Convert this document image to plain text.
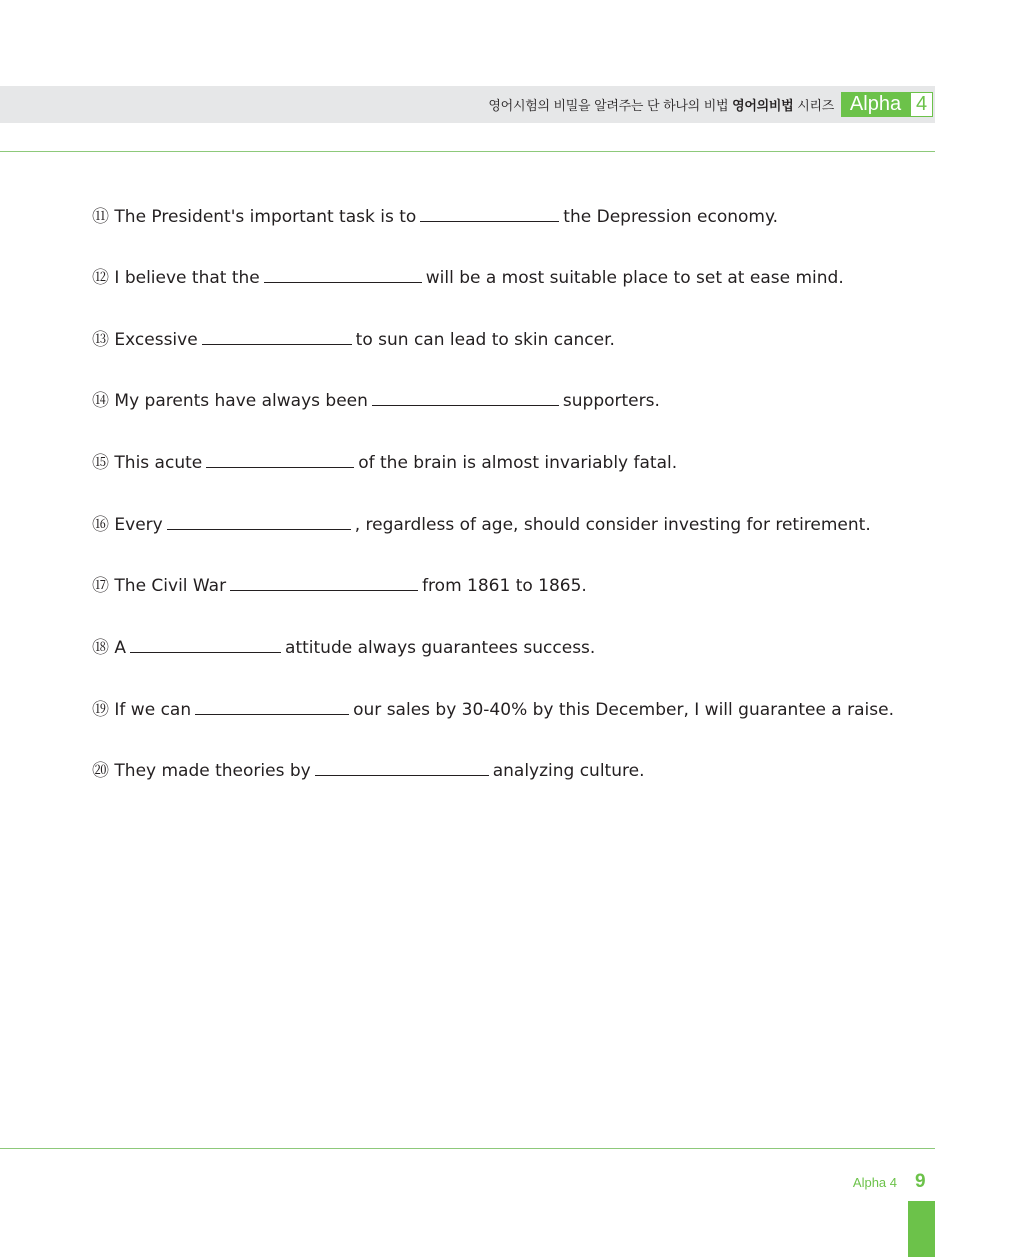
영어시험의 비밀을 알려주는 단 하나의 비법 영어의비법 시리즈 Alpha 4
⑪ The President's important task is to	the Depression economy.
⑫ I believe that the	will be a most suitable place to set at ease mind.
⑬ Excessive	to sun can lead to skin cancer.
⑭ My parents have always been	supporters.
⑮ This acute	of the brain is almost invariably fatal.
⑯ Every	, regardless of age, should consider investing for retirement.
⑰ The Civil War	from 1861 to 1865.
⑱ A	attitude always guarantees success.
⑲ If we can	our sales by 30-40% by this December, I will guarantee a raise.
⑳ They made theories by	analyzing culture.
Alpha 4 9
